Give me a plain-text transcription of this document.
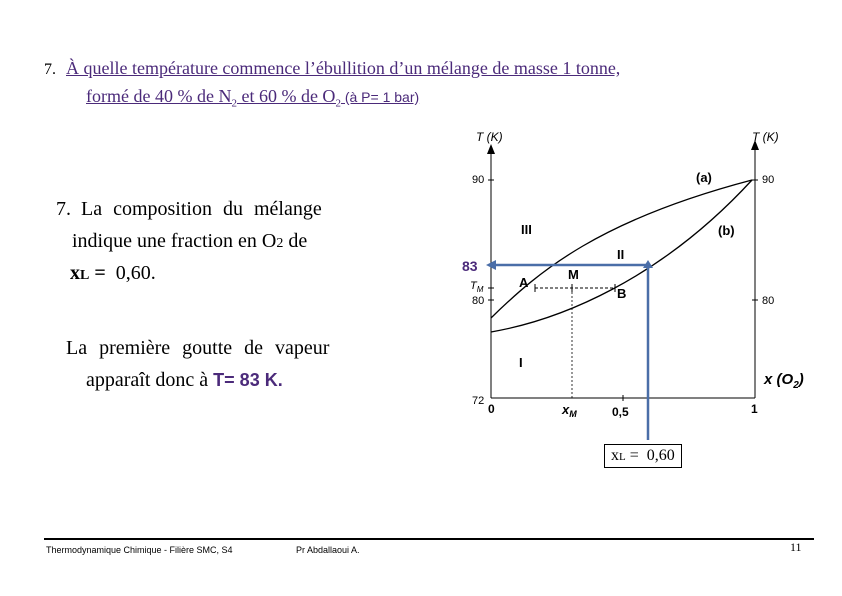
7. À quelle température commence l’ébullition d’un mélange de masse 1 tonne,
formé de 40 % de $N_2$ et 60 % de $O_2$ (à P= 1 bar)
7. La composition du mélange
indique une fraction en O2 de
xL =  0,60.
La première goutte de vapeur
apparaît donc à T= 83 K.
T (K)	T (K)
90
80
72
$T_M$
90
80
0	0,5	1
$x_M$
x $(O_2)$
(a)
(b)
III
II
I
A
M
B
83
xL =  0,60
Thermodynamique Chimique - Filière SMC, S4	Pr Abdallaoui A.	11
